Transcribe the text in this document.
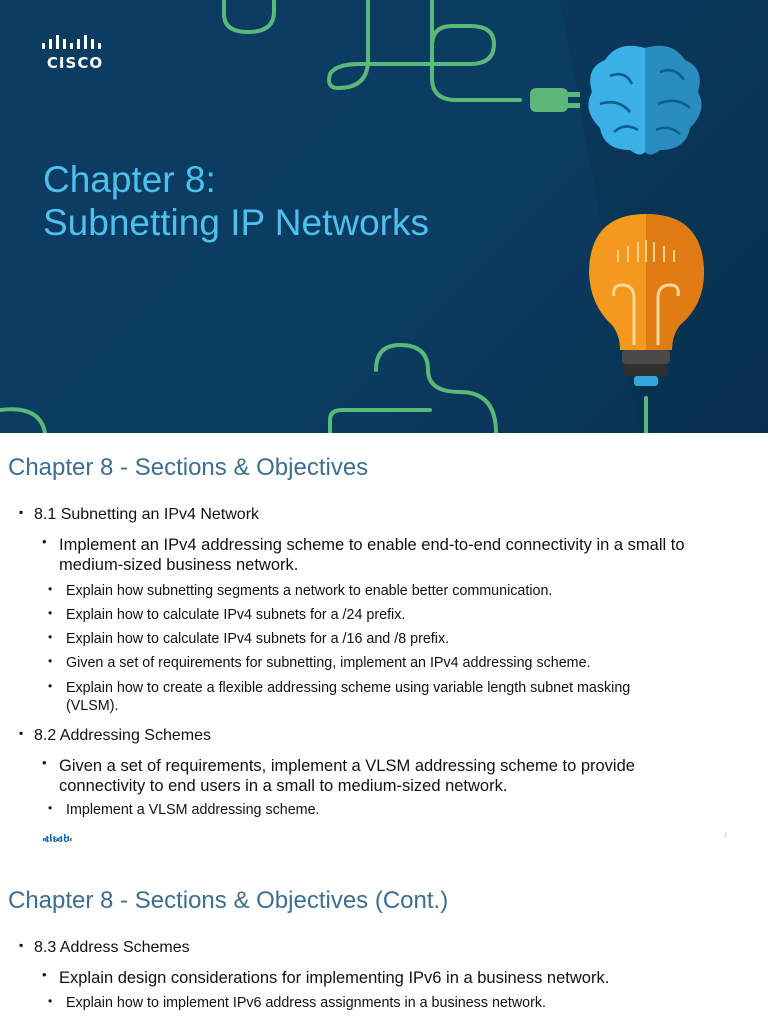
CISCO
Chapter 8:
Subnetting IP Networks
Chapter 8 - Sections & Objectives
▪ 8.1 Subnetting an IPv4 Network
• Implement an IPv4 addressing scheme to enable end-to-end connectivity in a small to medium-sized business network.
• Explain how subnetting segments a network to enable better communication.
• Explain how to calculate IPv4 subnets for a /24 prefix.
• Explain how to calculate IPv4 subnets for a /16 and /8 prefix.
• Given a set of requirements for subnetting, implement an IPv4 addressing scheme.
• Explain how to create a flexible addressing scheme using variable length subnet masking (VLSM).
▪ 8.2 Addressing Schemes
• Given a set of requirements, implement a VLSM addressing scheme to provide connectivity to end users in a small to medium-sized network.
• Implement a VLSM addressing scheme.
CISCO
2
Chapter 8 - Sections & Objectives (Cont.)
▪ 8.3 Address Schemes
• Explain design considerations for implementing IPv6 in a business network.
• Explain how to implement IPv6 address assignments in a business network.
